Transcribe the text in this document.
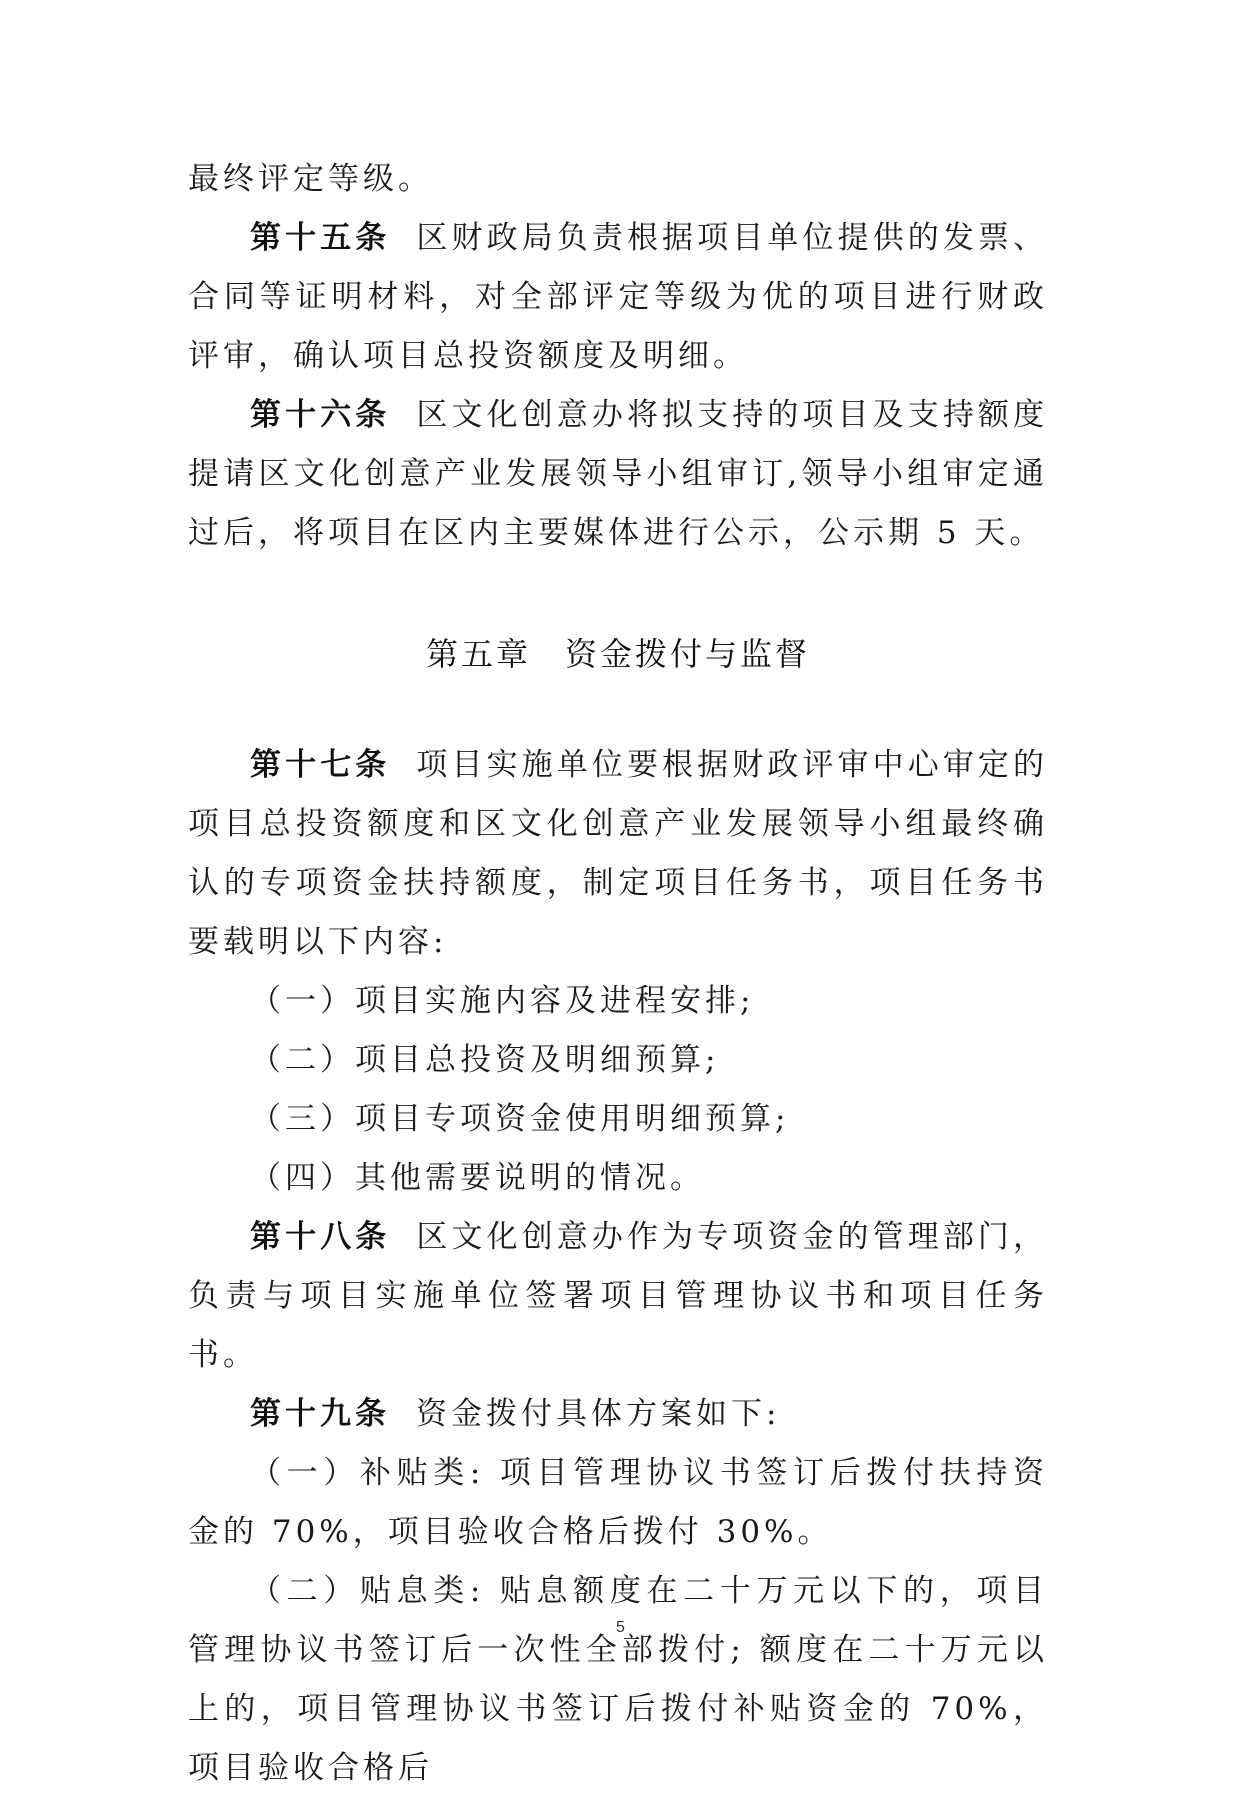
最终评定等级。

第十五条 区财政局负责根据项目单位提供的发票、合同等证明材料，对全部评定等级为优的项目进行财政评审，确认项目总投资额度及明细。

第十六条 区文化创意办将拟支持的项目及支持额度提请区文化创意产业发展领导小组审订,领导小组审定通过后，将项目在区内主要媒体进行公示，公示期 5 天。

第五章 资金拨付与监督

第十七条 项目实施单位要根据财政评审中心审定的项目总投资额度和区文化创意产业发展领导小组最终确认的专项资金扶持额度，制定项目任务书，项目任务书要载明以下内容:

（一）项目实施内容及进程安排;

（二）项目总投资及明细预算;

（三）项目专项资金使用明细预算;

（四）其他需要说明的情况。

第十八条 区文化创意办作为专项资金的管理部门，负责与项目实施单位签署项目管理协议书和项目任务书。

第十九条 资金拨付具体方案如下:

（一）补贴类: 项目管理协议书签订后拨付扶持资金的 70%，项目验收合格后拨付 30%。

（二）贴息类: 贴息额度在二十万元以下的，项目管理协议书签订后一次性全部拨付; 额度在二十万元以上的，项目管理协议书签订后拨付补贴资金的 70%，项目验收合格后

5
